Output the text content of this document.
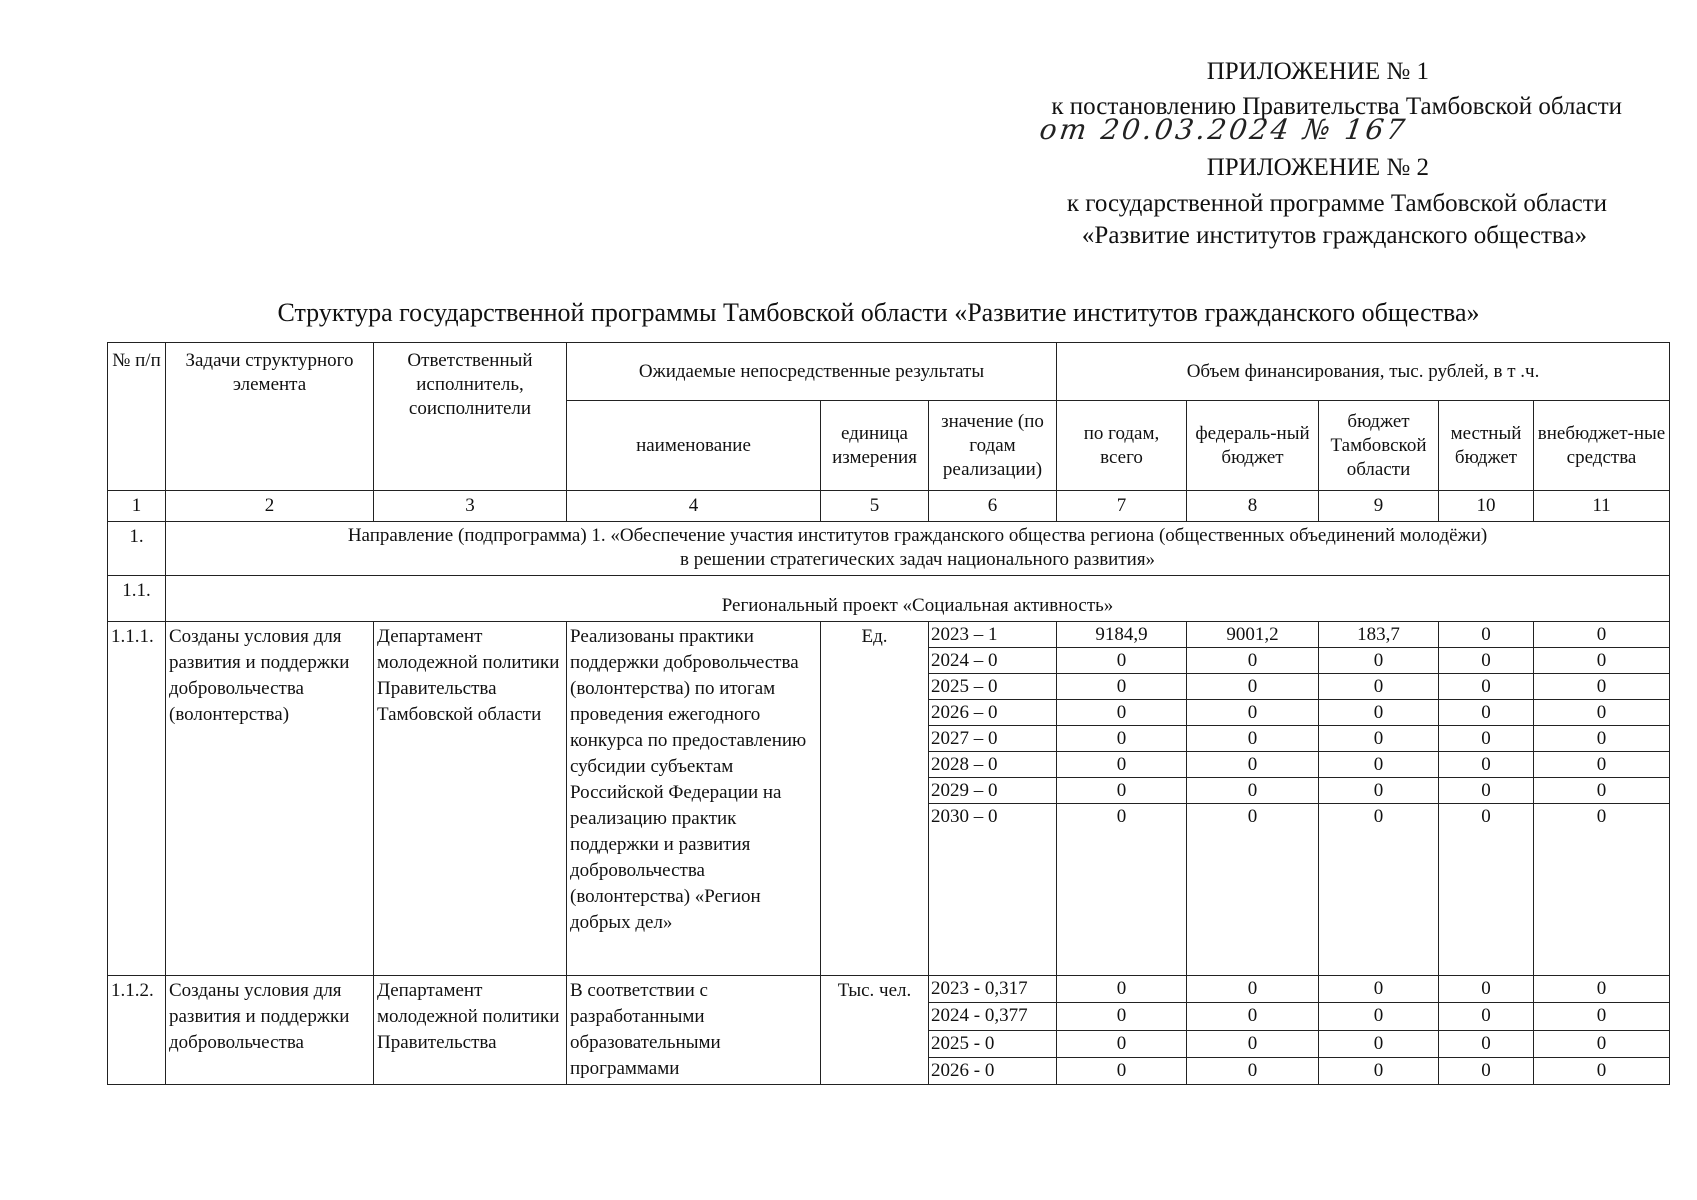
ПРИЛОЖЕНИЕ № 1
к постановлению Правительства Тамбовской области
от 20.03.2024 № 167
ПРИЛОЖЕНИЕ № 2
к государственной программе Тамбовской области
«Развитие институтов гражданского общества»
Структура государственной программы Тамбовской области «Развитие институтов гражданского общества»
№ п/п	Задачи структурного элемента	Ответственный исполнитель, соисполнители	Ожидаемые непосредственные результаты			Объем финансирования, тыс. рублей, в т .ч.				
			наименование	единица измерения	значение (по годам реализации)	по годам, всего	федераль-ный бюджет	бюджет Тамбовской области	местный бюджет	внебюджет-ные средства
1	2	3	4	5	6	7	8	9	10	11
1.	Направление (подпрограмма) 1. «Обеспечение участия институтов гражданского общества региона (общественных объединений молодёжи)
в решении стратегических задач национального развития»									

1.1.	Региональный проект «Социальная активность»									
1.1.1.	Созданы условия для развития и поддержки добровольчества (волонтерства)	Департамент молодежной политики Правительства Тамбовской области	Реализованы практики поддержки добровольчества (волонтерства) по итогам проведения ежегодного конкурса по предоставлению субсидии субъектам Российской Федерации на реализацию практик поддержки и развития добровольчества (волонтерства) «Регион добрых дел»	Ед.	2023 – 1	9184,9	9001,2	183,7	0	0
					2024 – 0	0	0	0	0	0
					2025 – 0	0	0	0	0	0
					2026 – 0	0	0	0	0	0
					2027 – 0	0	0	0	0	0
					2028 – 0	0	0	0	0	0
					2029 – 0	0	0	0	0	0
					2030 – 0	0	0	0	0	0
1.1.2.	Созданы условия для развития и поддержки добровольчества	Департамент молодежной политики Правительства	В соответствии с разработанными образовательными программами	Тыс. чел.	2023 - 0,317	0	0	0	0	0
					2024 - 0,377	0	0	0	0	0
					2025 - 0	0	0	0	0	0
					2026 - 0	0	0	0	0	0
